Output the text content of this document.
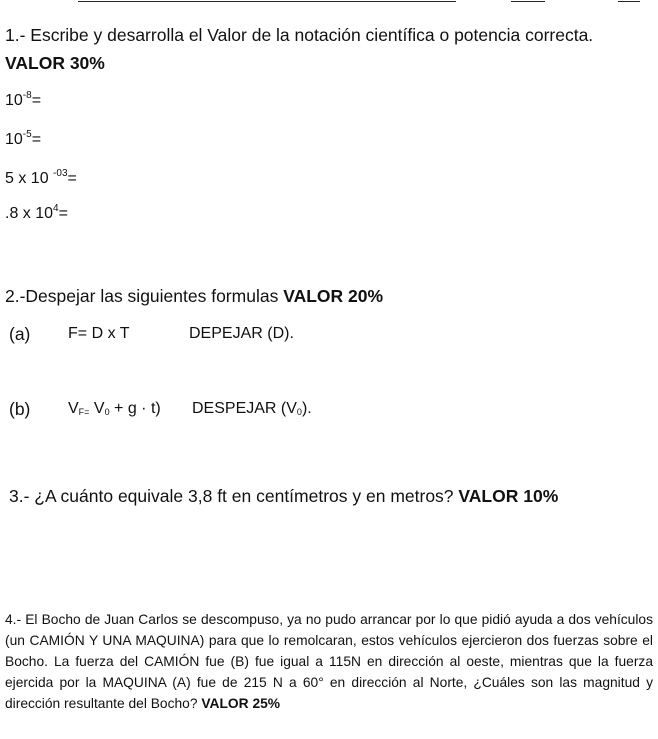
1.- Escribe y desarrolla el Valor de la notación científica o potencia correcta.
VALOR 30%
$10^{-8}=$
$10^{-5}=$
5 x 10 $^{-03}$=
.8 x $10^4=$
2.-Despejar las siguientes formulas VALOR 20%
(a) F= D x T	DEPEJAR (D).
(b) $V_{F=}$ $V_0 + g \cdot t$) DESPEJAR $(V_0)$.
3.- ¿A cuánto equivale 3,8 ft en centímetros y en metros? VALOR 10%
4.- El Bocho de Juan Carlos se descompuso, ya no pudo arrancar por lo que pidió ayuda a dos vehículos (un CAMIÓN Y UNA MAQUINA) para que lo remolcaran, estos vehículos ejercieron dos fuerzas sobre el Bocho. La fuerza del CAMIÓN fue (B) fue igual a 115N en dirección al oeste, mientras que la fuerza ejercida por la MAQUINA (A) fue de 215 N a 60° en dirección al Norte, ¿Cuáles son las magnitud y dirección resultante del Bocho? VALOR 25%
